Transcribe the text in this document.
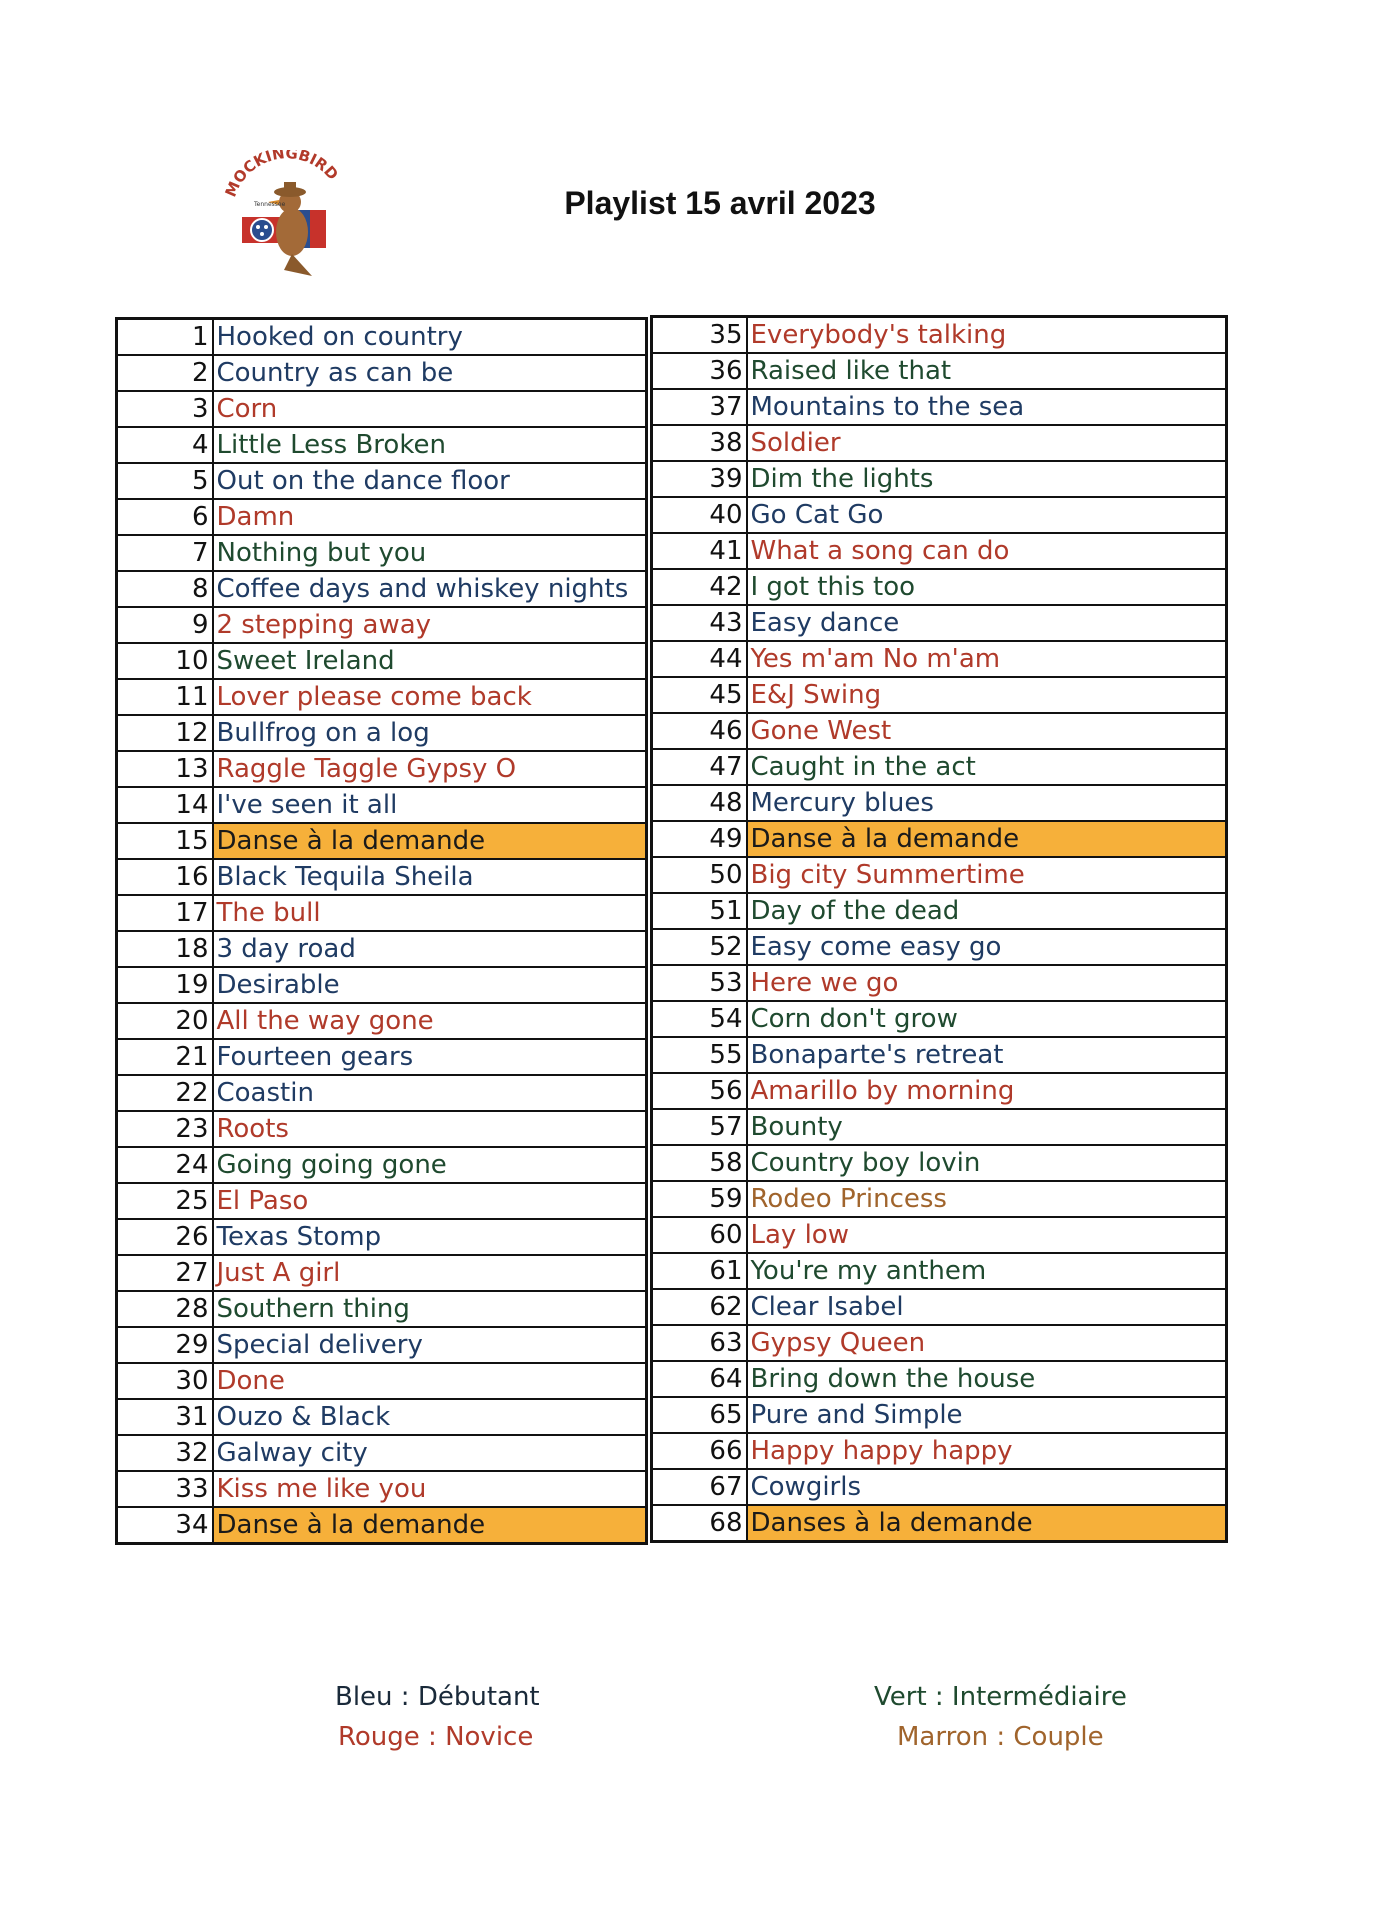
MOCKINGBIRD
Tennessee	Playlist 15 avril 2023
1	Hooked on country
2	Country as can be
3	Corn
4	Little Less Broken
5	Out on the dance floor
6	Damn
7	Nothing but you
8	Coffee days and whiskey nights
9	2 stepping away
10	Sweet Ireland
11	Lover please come back
12	Bullfrog on a log
13	Raggle Taggle Gypsy O
14	I've seen it all
15	Danse à la demande
16	Black Tequila Sheila
17	The bull
18	3 day road
19	Desirable
20	All the way gone
21	Fourteen gears
22	Coastin
23	Roots
24	Going going gone
25	El Paso
26	Texas Stomp
27	Just A girl
28	Southern thing
29	Special delivery
30	Done
31	Ouzo & Black
32	Galway city
33	Kiss me like you
34	Danse à la demande
35	Everybody's talking
36	Raised like that
37	Mountains to the sea
38	Soldier
39	Dim the lights
40	Go Cat Go
41	What a song can do
42	I got this too
43	Easy dance
44	Yes m'am No m'am
45	E&J Swing
46	Gone West
47	Caught in the act
48	Mercury blues
49	Danse à la demande
50	Big city Summertime
51	Day of the dead
52	Easy come easy go
53	Here we go
54	Corn don't grow
55	Bonaparte's retreat
56	Amarillo by morning
57	Bounty
58	Country boy lovin
59	Rodeo Princess
60	Lay low
61	You're my anthem
62	Clear Isabel
63	Gypsy Queen
64	Bring down the house
65	Pure and Simple
66	Happy happy happy
67	Cowgirls
68	Danses à la demande
Bleu : Débutant
Rouge : Novice
Vert : Intermédiaire
Marron : Couple
